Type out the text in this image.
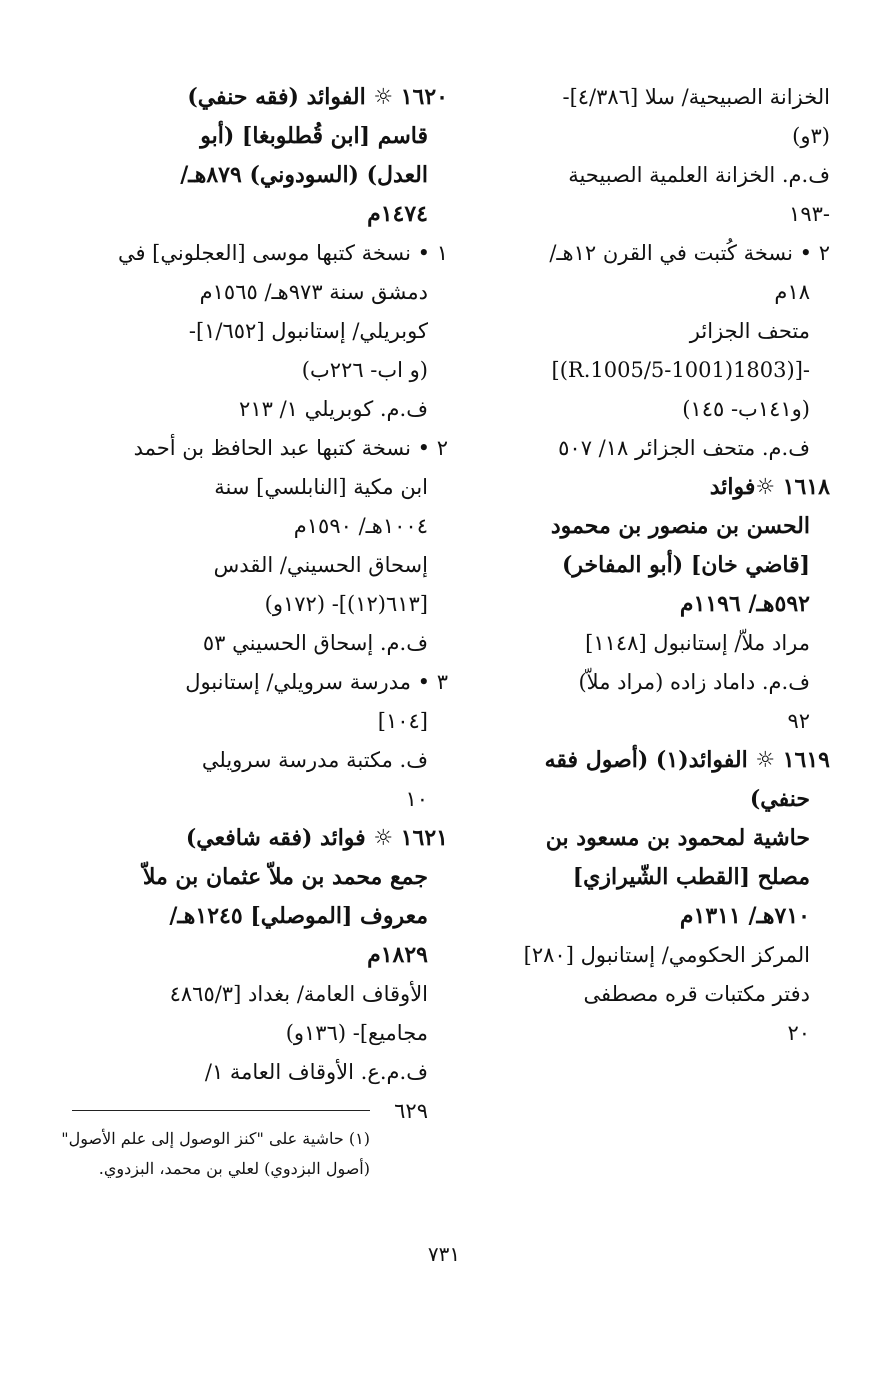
الخزانة الصبيحية/ سلا [٤/٣٨٦]-
(٣و)
ف.م. الخزانة العلمية الصبيحية
-١٩٣
٢ • نسخة كُتبت في القرن ١٢هـ/
١٨م
متحف الجزائر
-[(1803(1001-R.1005/5)]
(و١٤١ب- ١٤٥)
ف.م. متحف الجزائر ١٨/ ٥٠٧
١٦١٨ ☼فوائد
الحسن بن منصور بن محمود
[قاضي خان] (أبو المفاخر)
٥٩٢هـ/ ١١٩٦م
مراد ملاّ/ إستانبول [١١٤٨]
ف.م. داماد زاده (مراد ملاّ)
٩٢
١٦١٩ ☼ الفوائد(١) (أصول فقه
حنفي)
حاشية لمحمود بن مسعود بن
مصلح [القطب الشّيرازي]
٧١٠هـ/ ١٣١١م
المركز الحكومي/ إستانبول [٢٨٠]
دفتر مكتبات قره مصطفى
٢٠
١٦٢٠ ☼ الفوائد (فقه حنفي)
قاسم [ابن قُطلوبغا] (أبو
العدل) (السودوني) ٨٧٩هـ/
١٤٧٤م
١ • نسخة كتبها موسى [العجلوني] في
دمشق سنة ٩٧٣هـ/ ١٥٦٥م
كوبريلي/ إستانبول [١/٦٥٢]-
(و اب- ٢٢٦ب)
ف.م. كوبريلي ١/ ٢١٣
٢ • نسخة كتبها عبد الحافظ بن أحمد
ابن مكية [النابلسي] سنة
١٠٠٤هـ/ ١٥٩٠م
إسحاق الحسيني/ القدس
[٦١٣(١٢)]- (١٧٢و)
ف.م. إسحاق الحسيني ٥٣
٣ • مدرسة سرويلي/ إستانبول
[١٠٤]
ف. مكتبة مدرسة سرويلي
١٠
١٦٢١ ☼ فوائد (فقه شافعي)
جمع محمد بن ملاّ عثمان بن ملاّ
معروف [الموصلي] ١٢٤٥هـ/
١٨٢٩م
الأوقاف العامة/ بغداد [٤٨٦٥/٣
مجاميع]- (١٣٦و)
ف.م.ع. الأوقاف العامة ١/
٦٢٩
(١) حاشية على "كنز الوصول إلى علم الأصول"
(أصول البزدوي) لعلي بن محمد، البزدوي.
٧٣١
